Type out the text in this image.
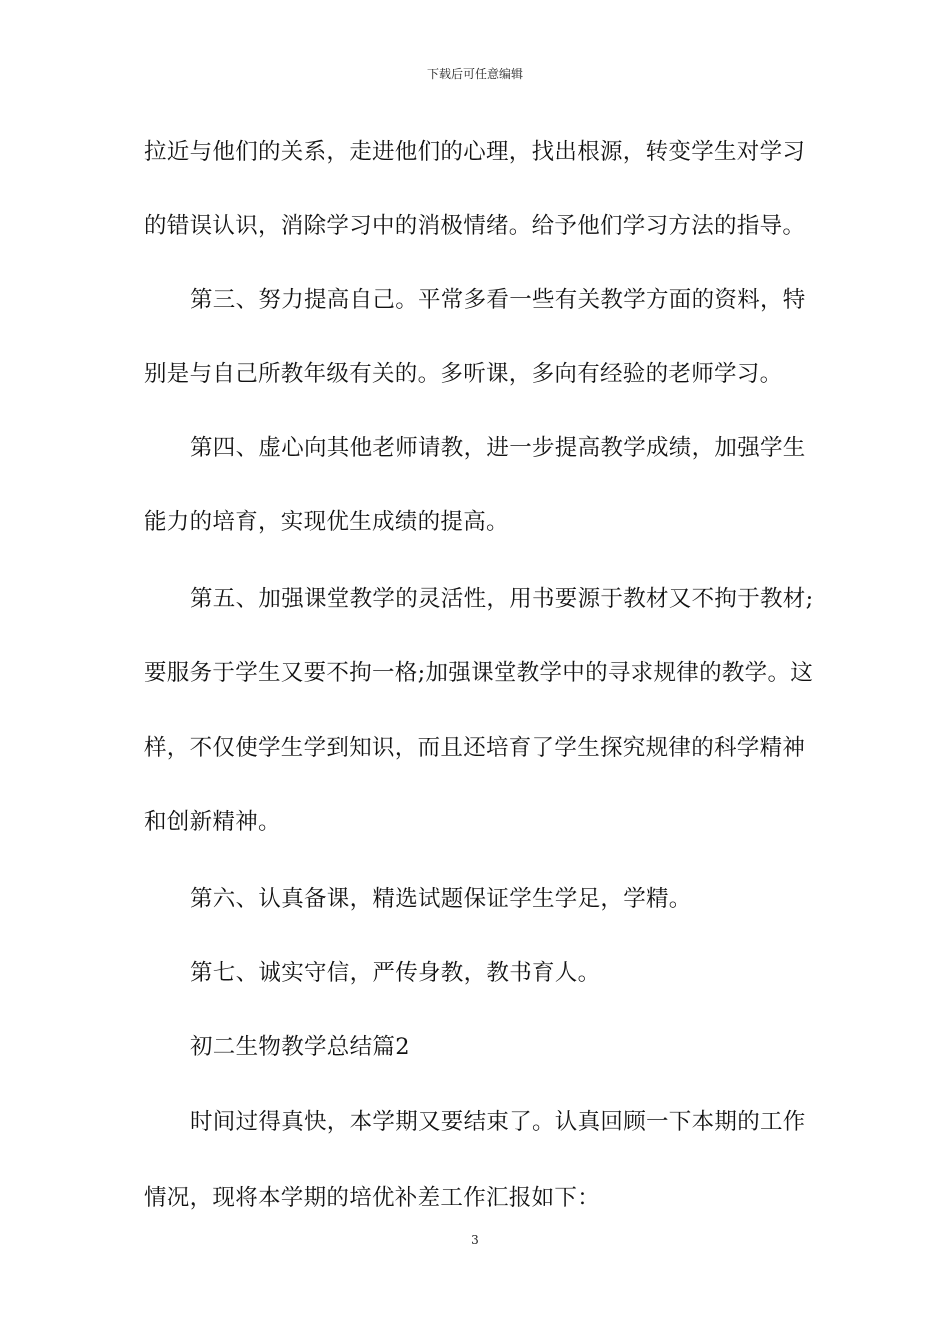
下载后可任意编辑
拉近与他们的关系，走进他们的心理，找出根源，转变学生对学习
的错误认识，消除学习中的消极情绪。给予他们学习方法的指导。
第三、努力提高自己。平常多看一些有关教学方面的资料，特
别是与自己所教年级有关的。多听课，多向有经验的老师学习。
第四、虚心向其他老师请教，进一步提高教学成绩，加强学生
能力的培育，实现优生成绩的提高。
第五、加强课堂教学的灵活性，用书要源于教材又不拘于教材;
要服务于学生又要不拘一格;加强课堂教学中的寻求规律的教学。这
样，不仅使学生学到知识，而且还培育了学生探究规律的科学精神
和创新精神。
第六、认真备课，精选试题保证学生学足，学精。
第七、诚实守信，严传身教，教书育人。
初二生物教学总结篇2
时间过得真快，本学期又要结束了。认真回顾一下本期的工作
情况，现将本学期的培优补差工作汇报如下：
3
